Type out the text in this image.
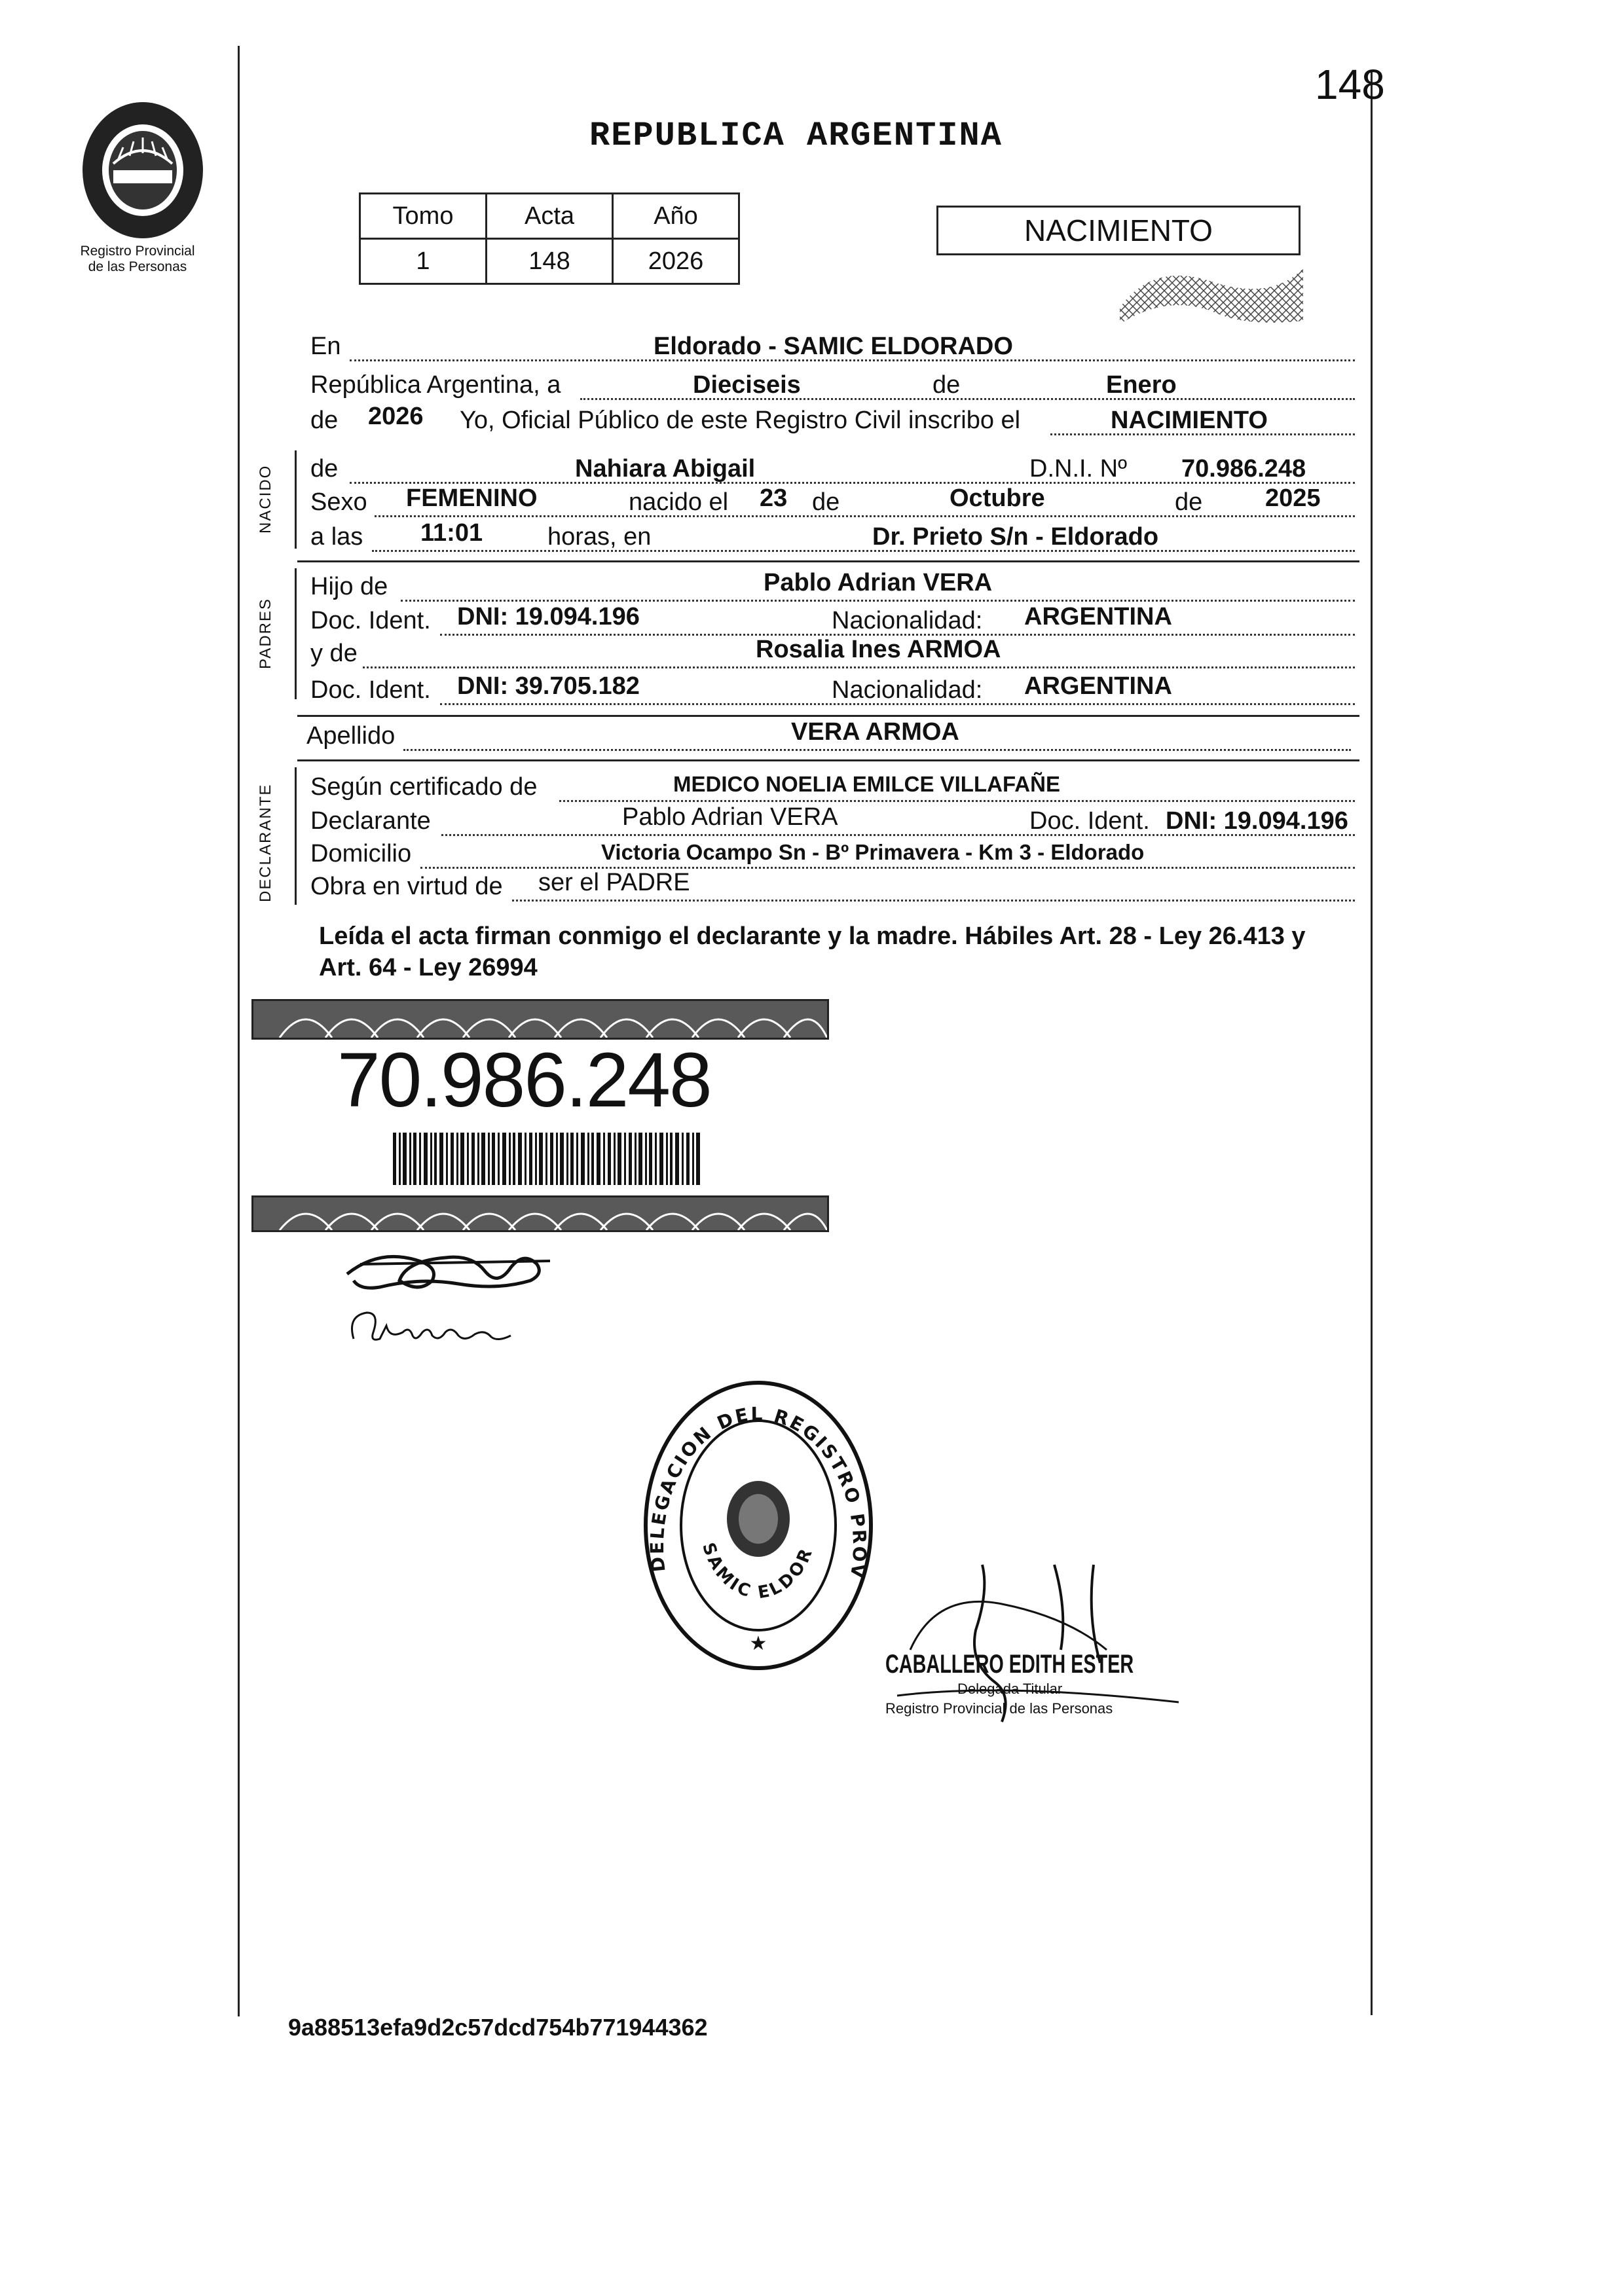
Registro Provincial
de las Personas
148
REPUBLICA ARGENTINA
Tomo	Acta	Año
1	148	2026
NACIMIENTO
En	Eldorado - SAMIC ELDORADO
República Argentina, a	Dieciseis	de	Enero
de 2026 Yo, Oficial Público de este Registro Civil inscribo el	NACIMIENTO
NACIDO de	Nahiara Abigail	D.N.I. Nº 70.986.248
Sexo FEMENINO	nacido el 23 de	Octubre	de	2025
a las 11:01	horas, en	Dr. Prieto S/n - Eldorado
PADRES
Hijo de	Pablo Adrian VERA
Doc. Ident. DNI: 19.094.196	Nacionalidad: ARGENTINA
y de	Rosalia Ines ARMOA
Doc. Ident. DNI: 39.705.182	Nacionalidad: ARGENTINA
Apellido	VERA ARMOA
DECLARANTE Según certificado de	MEDICO NOELIA EMILCE VILLAFAÑE
Declarante	Pablo Adrian VERA	Doc. Ident. DNI: 19.094.196
Domicilio	Victoria Ocampo Sn - Bº Primavera - Km 3 - Eldorado
Obra en virtud de ser el PADRE
Leída el acta firman conmigo el declarante y la madre. Hábiles Art. 28 - Ley 26.413 y Art. 64 - Ley 26994
70.986.248
DELEGACION DEL REGISTRO PROV
SAMIC ELDOR
★
CABALLERO EDITH ESTER
Delegada Titular
Registro Provincial de las Personas
9a88513efa9d2c57dcd754b771944362
